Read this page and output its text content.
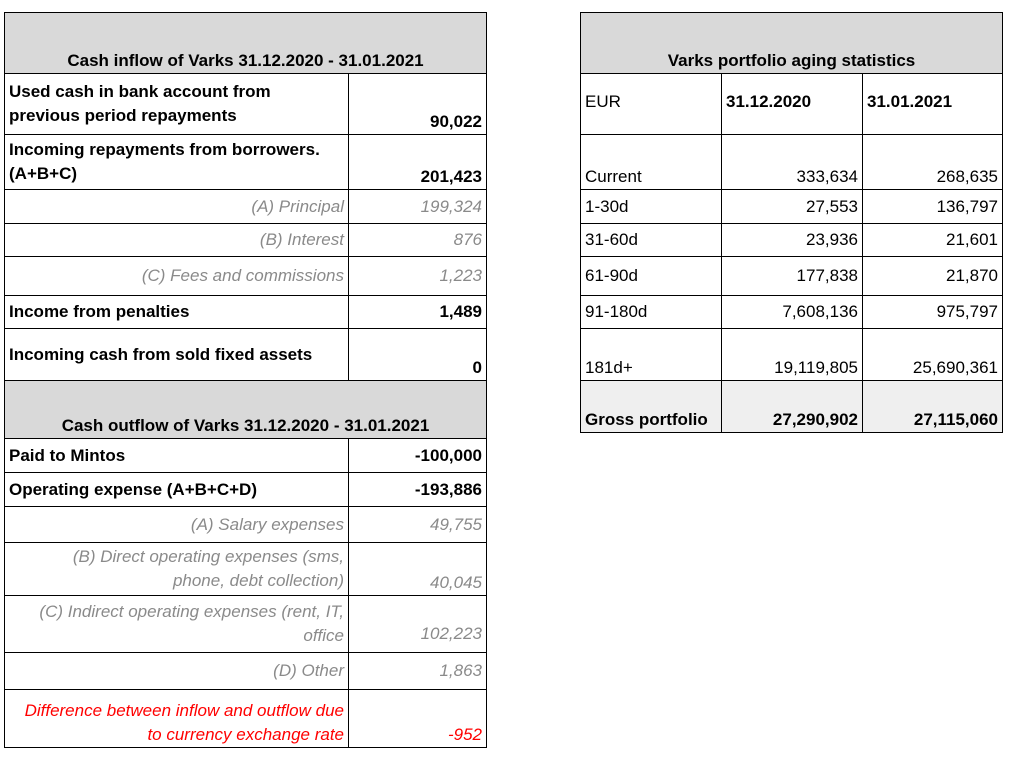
Cash inflow of Varks 31.12.2020 - 31.01.2021	
Used cash in bank account from previous period repayments	90,022
Incoming repayments from borrowers. (A+B+C)	201,423
(A) Principal	199,324
(B) Interest	876
(C) Fees and commissions	1,223
Income from penalties	1,489
Incoming cash from sold fixed assets	0
Cash outflow of Varks 31.12.2020 - 31.01.2021	
Paid to Mintos	-100,000
Operating expense (A+B+C+D)	-193,886
(A) Salary expenses	49,755
(B) Direct operating expenses (sms, phone, debt collection)	40,045
(C) Indirect operating expenses (rent, IT, office	102,223
(D) Other	1,863
Difference between inflow and outflow due to currency exchange rate	-952
Varks portfolio aging statistics		
EUR	31.12.2020	31.01.2021
Current	333,634	268,635
1-30d	27,553	136,797
31-60d	23,936	21,601
61-90d	177,838	21,870
91-180d	7,608,136	975,797
181d+	19,119,805	25,690,361
Gross portfolio	27,290,902	27,115,060
